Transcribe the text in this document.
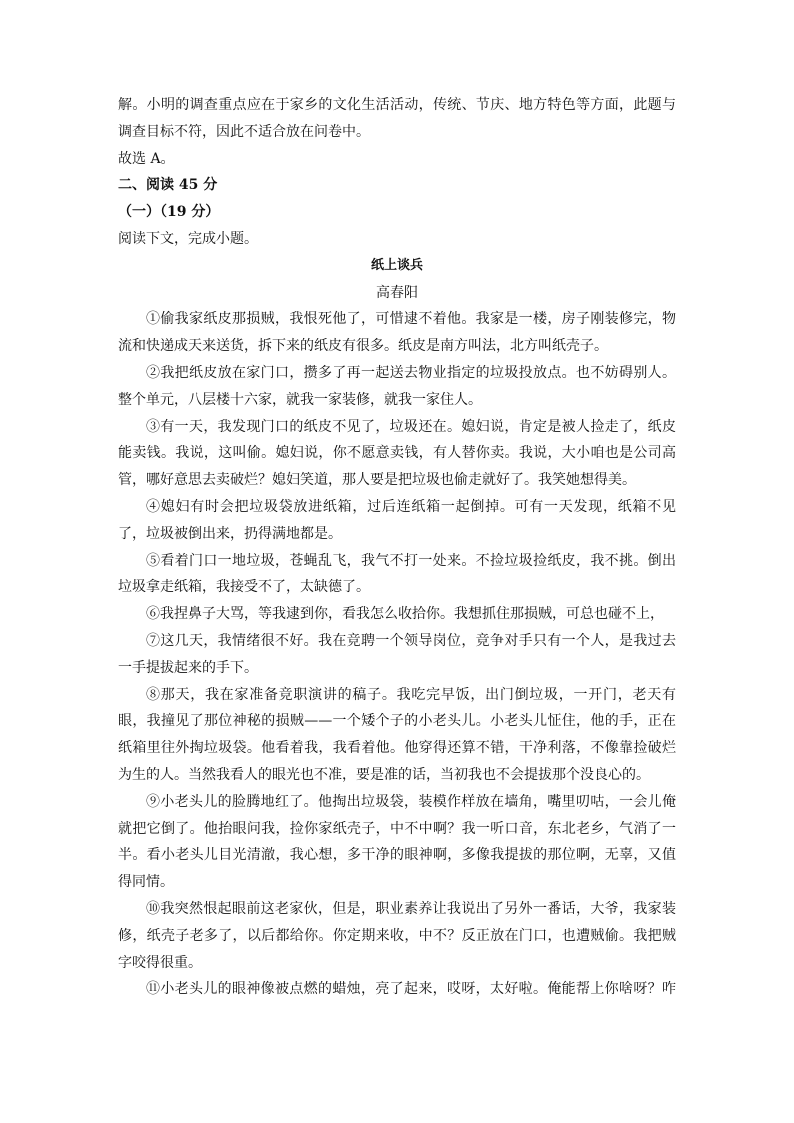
解。小明的调查重点应在于家乡的文化生活活动，传统、节庆、地方特色等方面，此题与
调查目标不符，因此不适合放在问卷中。
故选 A。
二、阅读 45 分
（一）（19 分）
阅读下文，完成小题。
纸上谈兵
高春阳
①偷我家纸皮那损贼，我恨死他了，可惜逮不着他。我家是一楼，房子刚装修完，物
流和快递成天来送货，拆下来的纸皮有很多。纸皮是南方叫法，北方叫纸壳子。
②我把纸皮放在家门口，攒多了再一起送去物业指定的垃圾投放点。也不妨碍别人。
整个单元，八层楼十六家，就我一家装修，就我一家住人。
③有一天，我发现门口的纸皮不见了，垃圾还在。媳妇说，肯定是被人捡走了，纸皮
能卖钱。我说，这叫偷。媳妇说，你不愿意卖钱，有人替你卖。我说，大小咱也是公司高
管，哪好意思去卖破烂？媳妇笑道，那人要是把垃圾也偷走就好了。我笑她想得美。
④媳妇有时会把垃圾袋放进纸箱，过后连纸箱一起倒掉。可有一天发现，纸箱不见
了，垃圾被倒出来，扔得满地都是。
⑤看着门口一地垃圾，苍蝇乱飞，我气不打一处来。不捡垃圾捡纸皮，我不挑。倒出
垃圾拿走纸箱，我接受不了，太缺德了。
⑥我捏鼻子大骂，等我逮到你，看我怎么收拾你。我想抓住那损贼，可总也碰不上，
⑦这几天，我情绪很不好。我在竞聘一个领导岗位，竞争对手只有一个人，是我过去
一手提拔起来的手下。
⑧那天，我在家准备竞职演讲的稿子。我吃完早饭，出门倒垃圾，一开门，老天有
眼，我撞见了那位神秘的损贼——一个矮个子的小老头儿。小老头儿怔住，他的手，正在
纸箱里往外掏垃圾袋。他看着我，我看着他。他穿得还算不错，干净利落，不像靠捡破烂
为生的人。当然我看人的眼光也不准，要是准的话，当初我也不会提拔那个没良心的。
⑨小老头儿的脸腾地红了。他掏出垃圾袋，装模作样放在墙角，嘴里叨咕，一会儿俺
就把它倒了。他抬眼问我，捡你家纸壳子，中不中啊？我一听口音，东北老乡，气消了一
半。看小老头儿目光清澈，我心想，多干净的眼神啊，多像我提拔的那位啊，无辜，又值
得同情。
⑩我突然恨起眼前这老家伙，但是，职业素养让我说出了另外一番话，大爷，我家装
修，纸壳子老多了，以后都给你。你定期来收，中不？反正放在门口，也遭贼偷。我把贼
字咬得很重。
⑪小老头儿的眼神像被点燃的蜡烛，亮了起来，哎呀，太好啦。俺能帮上你啥呀？咋
